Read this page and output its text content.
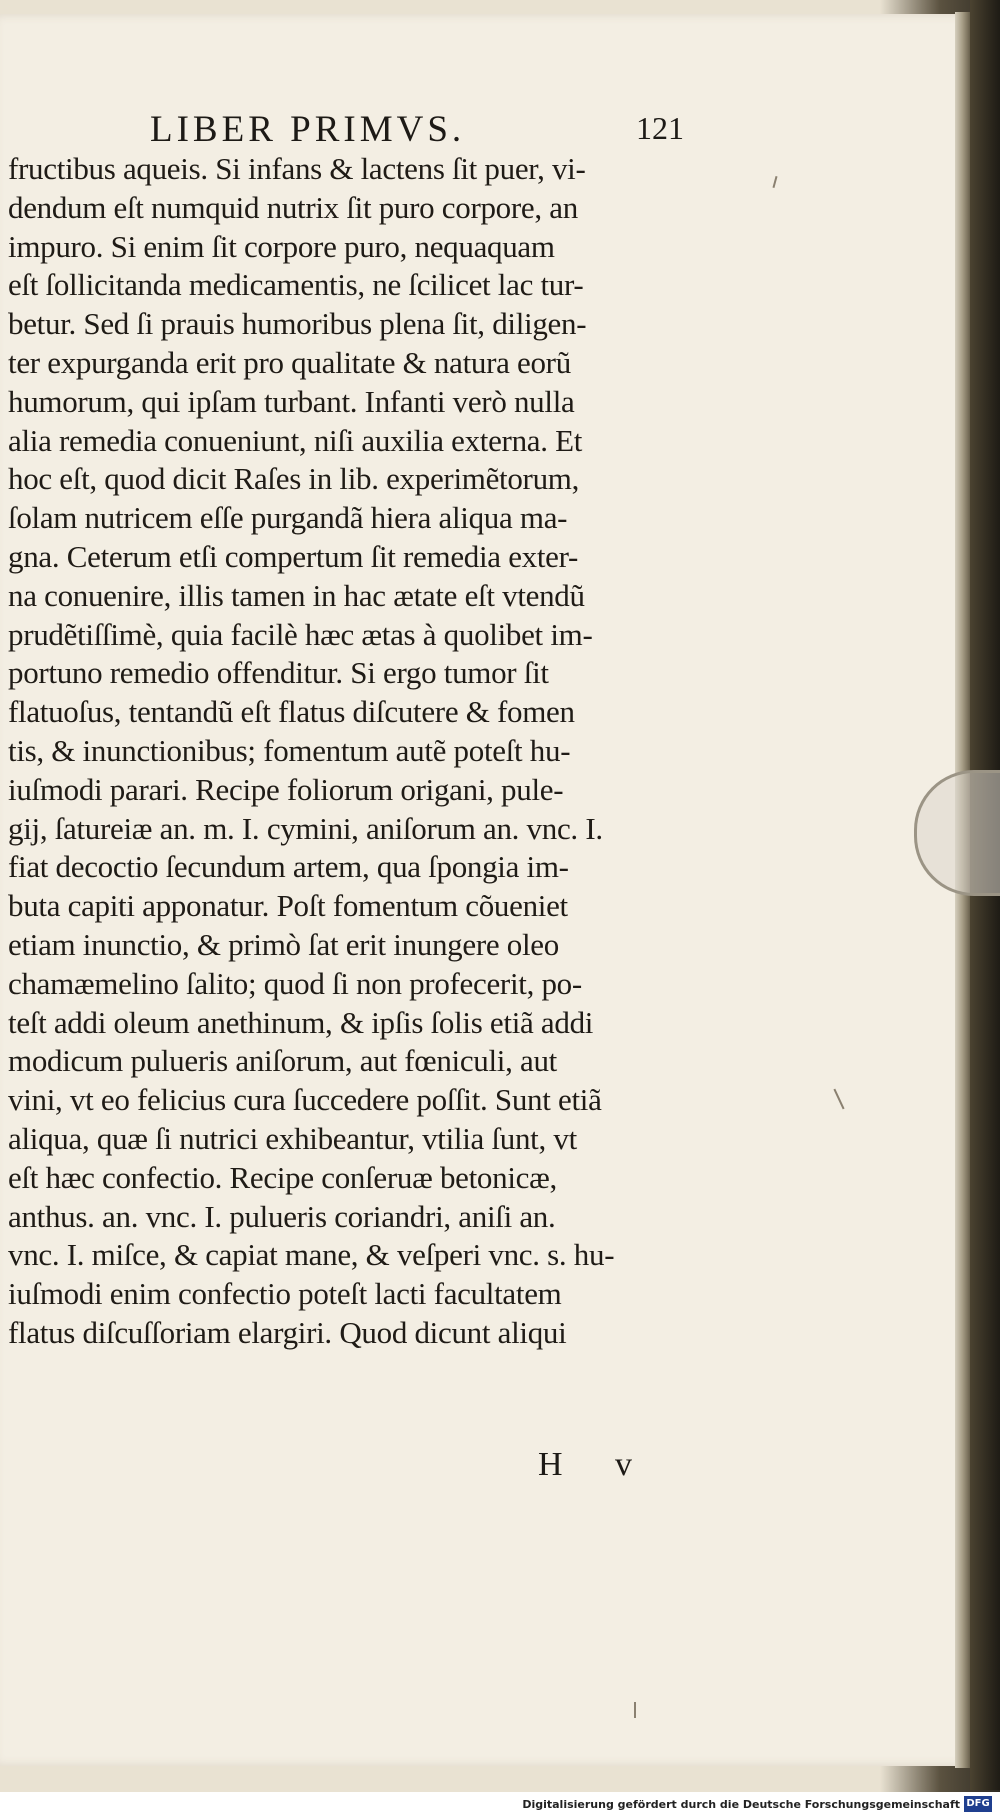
LIBER PRIMVS.	121
fructibus aqueis. Si infans & lactens ſit puer, vi-
dendum eſt numquid nutrix ſit puro corpore, an
impuro. Si enim ſit corpore puro, nequaquam
eſt ſollicitanda medicamentis, ne ſcilicet lac tur-
betur. Sed ſi prauis humoribus plena ſit, diligen-
ter expurganda erit pro qualitate & natura eorũ
humorum, qui ipſam turbant. Infanti verò nulla
alia remedia conueniunt, niſi auxilia externa. Et
hoc eſt, quod dicit Raſes in lib. experimẽtorum,
ſolam nutricem eſſe purgandã hiera aliqua ma-
gna. Ceterum etſi compertum ſit remedia exter-
na conuenire, illis tamen in hac ætate eſt vtendũ
prudẽtiſſimè, quia facilè hæc ætas à quolibet im-
portuno remedio offenditur. Si ergo tumor ſit
flatuoſus, tentandũ eſt flatus diſcutere & fomen
tis, & inunctionibus; fomentum autẽ poteſt hu-
iuſmodi parari. Recipe foliorum origani, pule-
gij, ſatureiæ an. m. I. cymini, aniſorum an. vnc. I.
fiat decoctio ſecundum artem, qua ſpongia im-
buta capiti apponatur. Poſt fomentum cõueniet
etiam inunctio, & primò ſat erit inungere oleo
chamæmelino ſalito; quod ſi non profecerit, po-
teſt addi oleum anethinum, & ipſis ſolis etiã addi
modicum pulueris aniſorum, aut fœniculi, aut
vini, vt eo felicius cura ſuccedere poſſit. Sunt etiã
aliqua, quæ ſi nutrici exhibeantur, vtilia ſunt, vt
eſt hæc confectio. Recipe conſeruæ betonicæ,
anthus. an. vnc. I. pulueris coriandri, aniſi an.
vnc. I. miſce, & capiat mane, & veſperi vnc. s. hu-
iuſmodi enim confectio poteſt lacti facultatem
flatus diſcuſſoriam elargiri. Quod dicunt aliqui
H v
Digitalisierung gefördert durch die Deutsche Forschungsgemeinschaft DFG
